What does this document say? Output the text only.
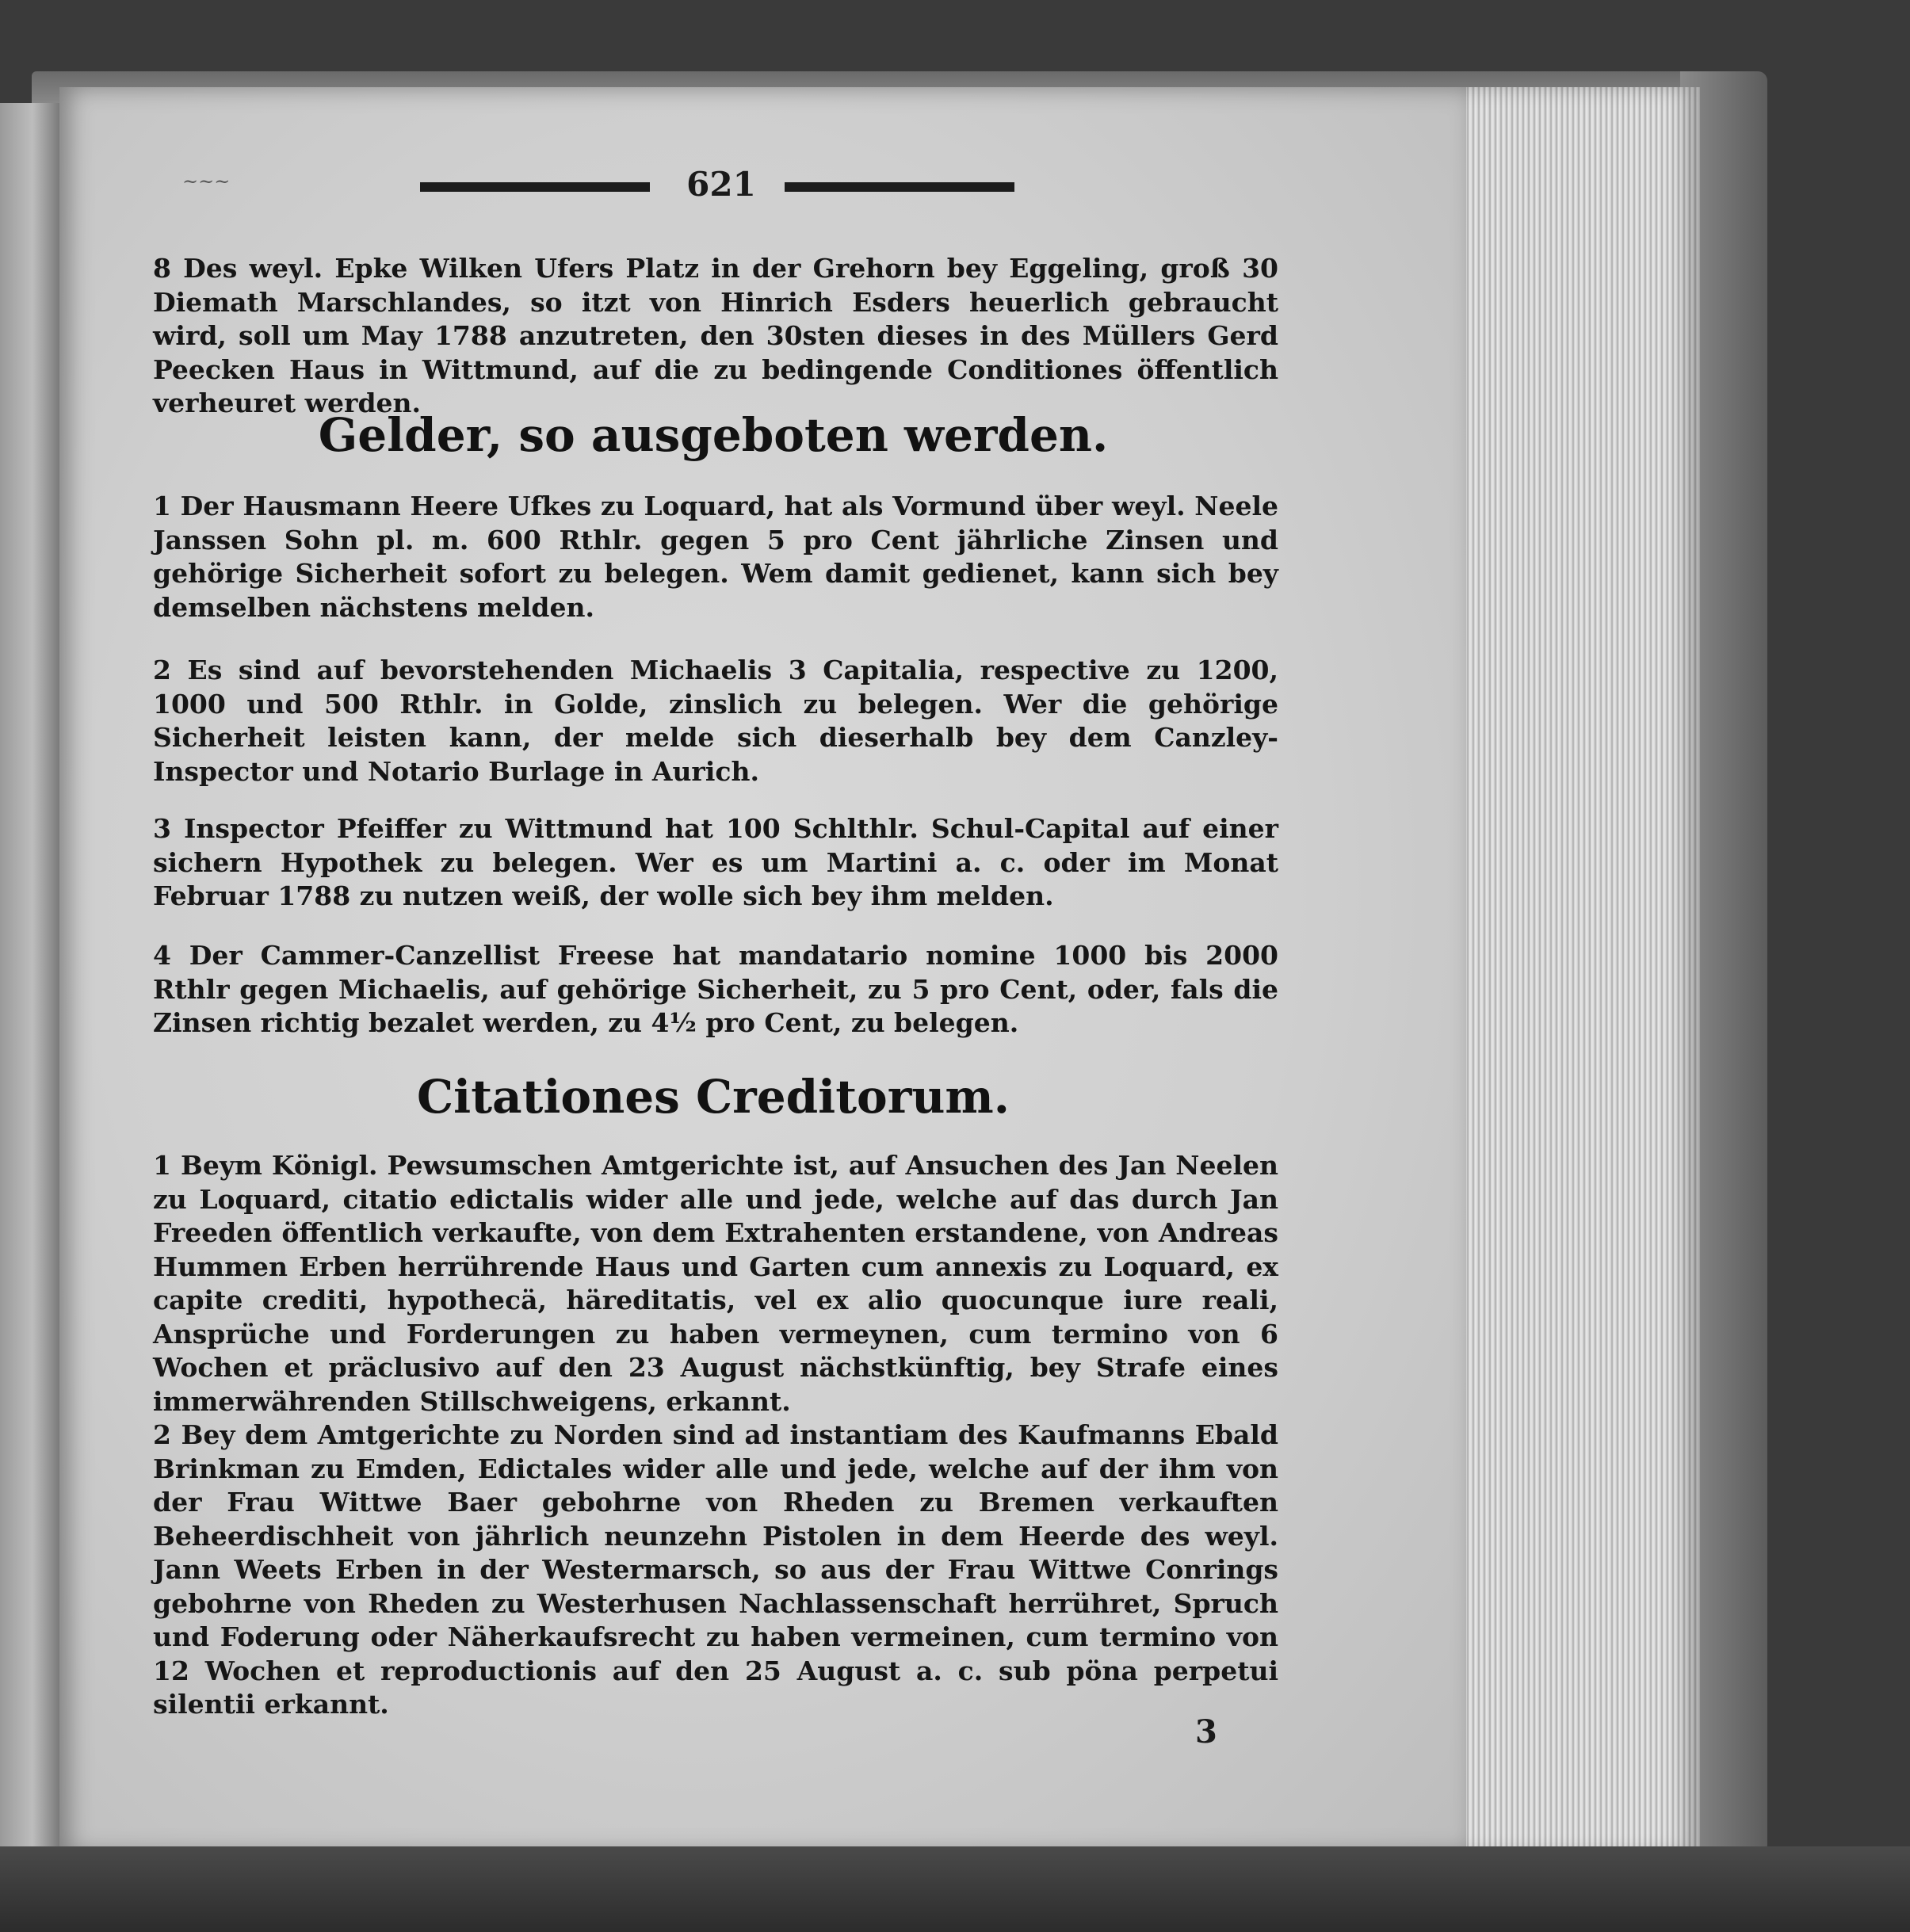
~~~	621
8 Des weyl. Epke Wilken Ufers Platz in der Grehorn bey Eggeling, groß 30 Diemath Marschlandes, so itzt von Hinrich Esders heuerlich gebraucht wird, soll um May 1788 anzutreten, den 30sten dieses in des Müllers Gerd Peecken Haus in Wittmund, auf die zu bedingende Conditiones öffentlich verheuret werden.
Gelder, so ausgeboten werden.
1 Der Hausmann Heere Ufkes zu Loquard, hat als Vormund über weyl. Neele Janssen Sohn pl. m. 600 Rthlr. gegen 5 pro Cent jährliche Zinsen und gehörige Sicherheit sofort zu belegen. Wem damit gedienet, kann sich bey demselben nächstens melden.
2 Es sind auf bevorstehenden Michaelis 3 Capitalia, respective zu 1200, 1000 und 500 Rthlr. in Golde, zinslich zu belegen. Wer die gehörige Sicherheit leisten kann, der melde sich dieserhalb bey dem Canzley-Inspector und Notario Burlage in Aurich.
3 Inspector Pfeiffer zu Wittmund hat 100 Schlthlr. Schul-Capital auf einer sichern Hypothek zu belegen. Wer es um Martini a. c. oder im Monat Februar 1788 zu nutzen weiß, der wolle sich bey ihm melden.
4 Der Cammer-Canzellist Freese hat mandatario nomine 1000 bis 2000 Rthlr gegen Michaelis, auf gehörige Sicherheit, zu 5 pro Cent, oder, fals die Zinsen richtig bezalet werden, zu 4½ pro Cent, zu belegen.
Citationes Creditorum.
1 Beym Königl. Pewsumschen Amtgerichte ist, auf Ansuchen des Jan Neelen zu Loquard, citatio edictalis wider alle und jede, welche auf das durch Jan Freeden öffentlich verkaufte, von dem Extrahenten erstandene, von Andreas Hummen Erben herrührende Haus und Garten cum annexis zu Loquard, ex capite crediti, hypothecä, häreditatis, vel ex alio quocunque iure reali, Ansprüche und Forderungen zu haben vermeynen, cum termino von 6 Wochen et präclusivo auf den 23 August nächstkünftig, bey Strafe eines immerwährenden Stillschweigens, erkannt.
2 Bey dem Amtgerichte zu Norden sind ad instantiam des Kaufmanns Ebald Brinkman zu Emden, Edictales wider alle und jede, welche auf der ihm von der Frau Wittwe Baer gebohrne von Rheden zu Bremen verkauften Beheerdischheit von jährlich neunzehn Pistolen in dem Heerde des weyl. Jann Weets Erben in der Westermarsch, so aus der Frau Wittwe Conrings gebohrne von Rheden zu Westerhusen Nachlassenschaft herrühret, Spruch und Foderung oder Näherkaufsrecht zu haben vermeinen, cum termino von 12 Wochen et reproductionis auf den 25 August a. c. sub pöna perpetui silentii erkannt.
3
